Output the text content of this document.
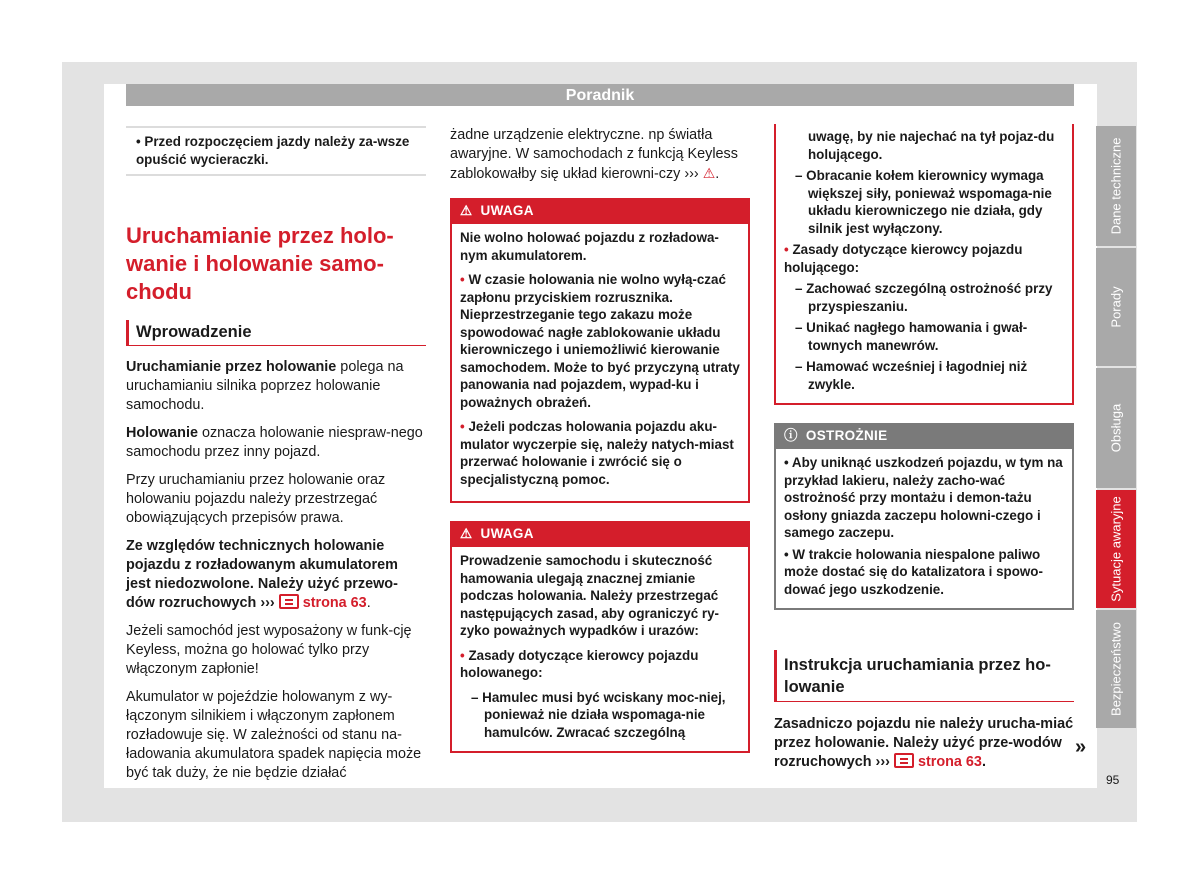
Poradnik

• Przed rozpoczęciem jazdy należy za-wsze opuścić wycieraczki.

Uruchamianie przez holo-
wanie i holowanie samo-
chodu
Wprowadzenie

Uruchamianie przez holowanie polega na uruchamianiu silnika poprzez holowanie samochodu.

Holowanie oznacza holowanie niespraw-nego samochodu przez inny pojazd.

Przy uruchamianiu przez holowanie oraz holowaniu pojazdu należy przestrzegać obowiązujących przepisów prawa.

Ze względów technicznych holowanie pojazdu z rozładowanym akumulatorem jest niedozwolone. Należy użyć przewo-dów rozruchowych ››› strona 63.

Jeżeli samochód jest wyposażony w funk-cję Keyless, można go holować tylko przy włączonym zapłonie!

Akumulator w pojeździe holowanym z wy-łączonym silnikiem i włączonym zapłonem rozładowuje się. W zależności od stanu na-ładowania akumulatora spadek napięcia może być tak duży, że nie będzie działać

żadne urządzenie elektryczne. np światła awaryjne. W samochodach z funkcją Keyless zablokowałby się układ kierowni-czy ››› ⚠.

⚠ UWAGA

Nie wolno holować pojazdu z rozładowa-nym akumulatorem.

• W czasie holowania nie wolno wyłą-czać zapłonu przyciskiem rozrusznika. Nieprzestrzeganie tego zakazu może spowodować nagłe zablokowanie układu kierowniczego i uniemożliwić kierowanie samochodem. Może to być przyczyną utraty panowania nad pojazdem, wypad-ku i poważnych obrażeń.

• Jeżeli podczas holowania pojazdu aku-mulator wyczerpie się, należy natych-miast przerwać holowanie i zwrócić się o specjalistyczną pomoc.

⚠ UWAGA

Prowadzenie samochodu i skuteczność hamowania ulegają znacznej zmianie podczas holowania. Należy przestrzegać następujących zasad, aby ograniczyć ry-zyko poważnych wypadków i urazów:

• Zasady dotyczące kierowcy pojazdu holowanego:

– Hamulec musi być wciskany moc-niej, ponieważ nie działa wspomaga-nie hamulców. Zwracać szczególną

uwagę, by nie najechać na tył pojaz-du holującego.

– Obracanie kołem kierownicy wymaga większej siły, ponieważ wspomaga-nie układu kierowniczego nie działa, gdy silnik jest wyłączony.

• Zasady dotyczące kierowcy pojazdu holującego:

– Zachować szczególną ostrożność przy przyspieszaniu.

– Unikać nagłego hamowania i gwał-townych manewrów.

– Hamować wcześniej i łagodniej niż zwykle.

ⓘ OSTROŻNIE

• Aby uniknąć uszkodzeń pojazdu, w tym na przykład lakieru, należy zacho-wać ostrożność przy montażu i demon-tażu osłony gniazda zaczepu holowni-czego i samego zaczepu.

• W trakcie holowania niespalone paliwo może dostać się do katalizatora i spowo-dować jego uszkodzenie.

Instrukcja uruchamiania przez ho-lowanie

Zasadniczo pojazdu nie należy urucha-miać przez holowanie. Należy użyć prze-wodów rozruchowych ››› strona 63.

»
Dane techniczne
Porady
Obsługa
Sytuacje awaryjne
Bezpieczeństwo
95
